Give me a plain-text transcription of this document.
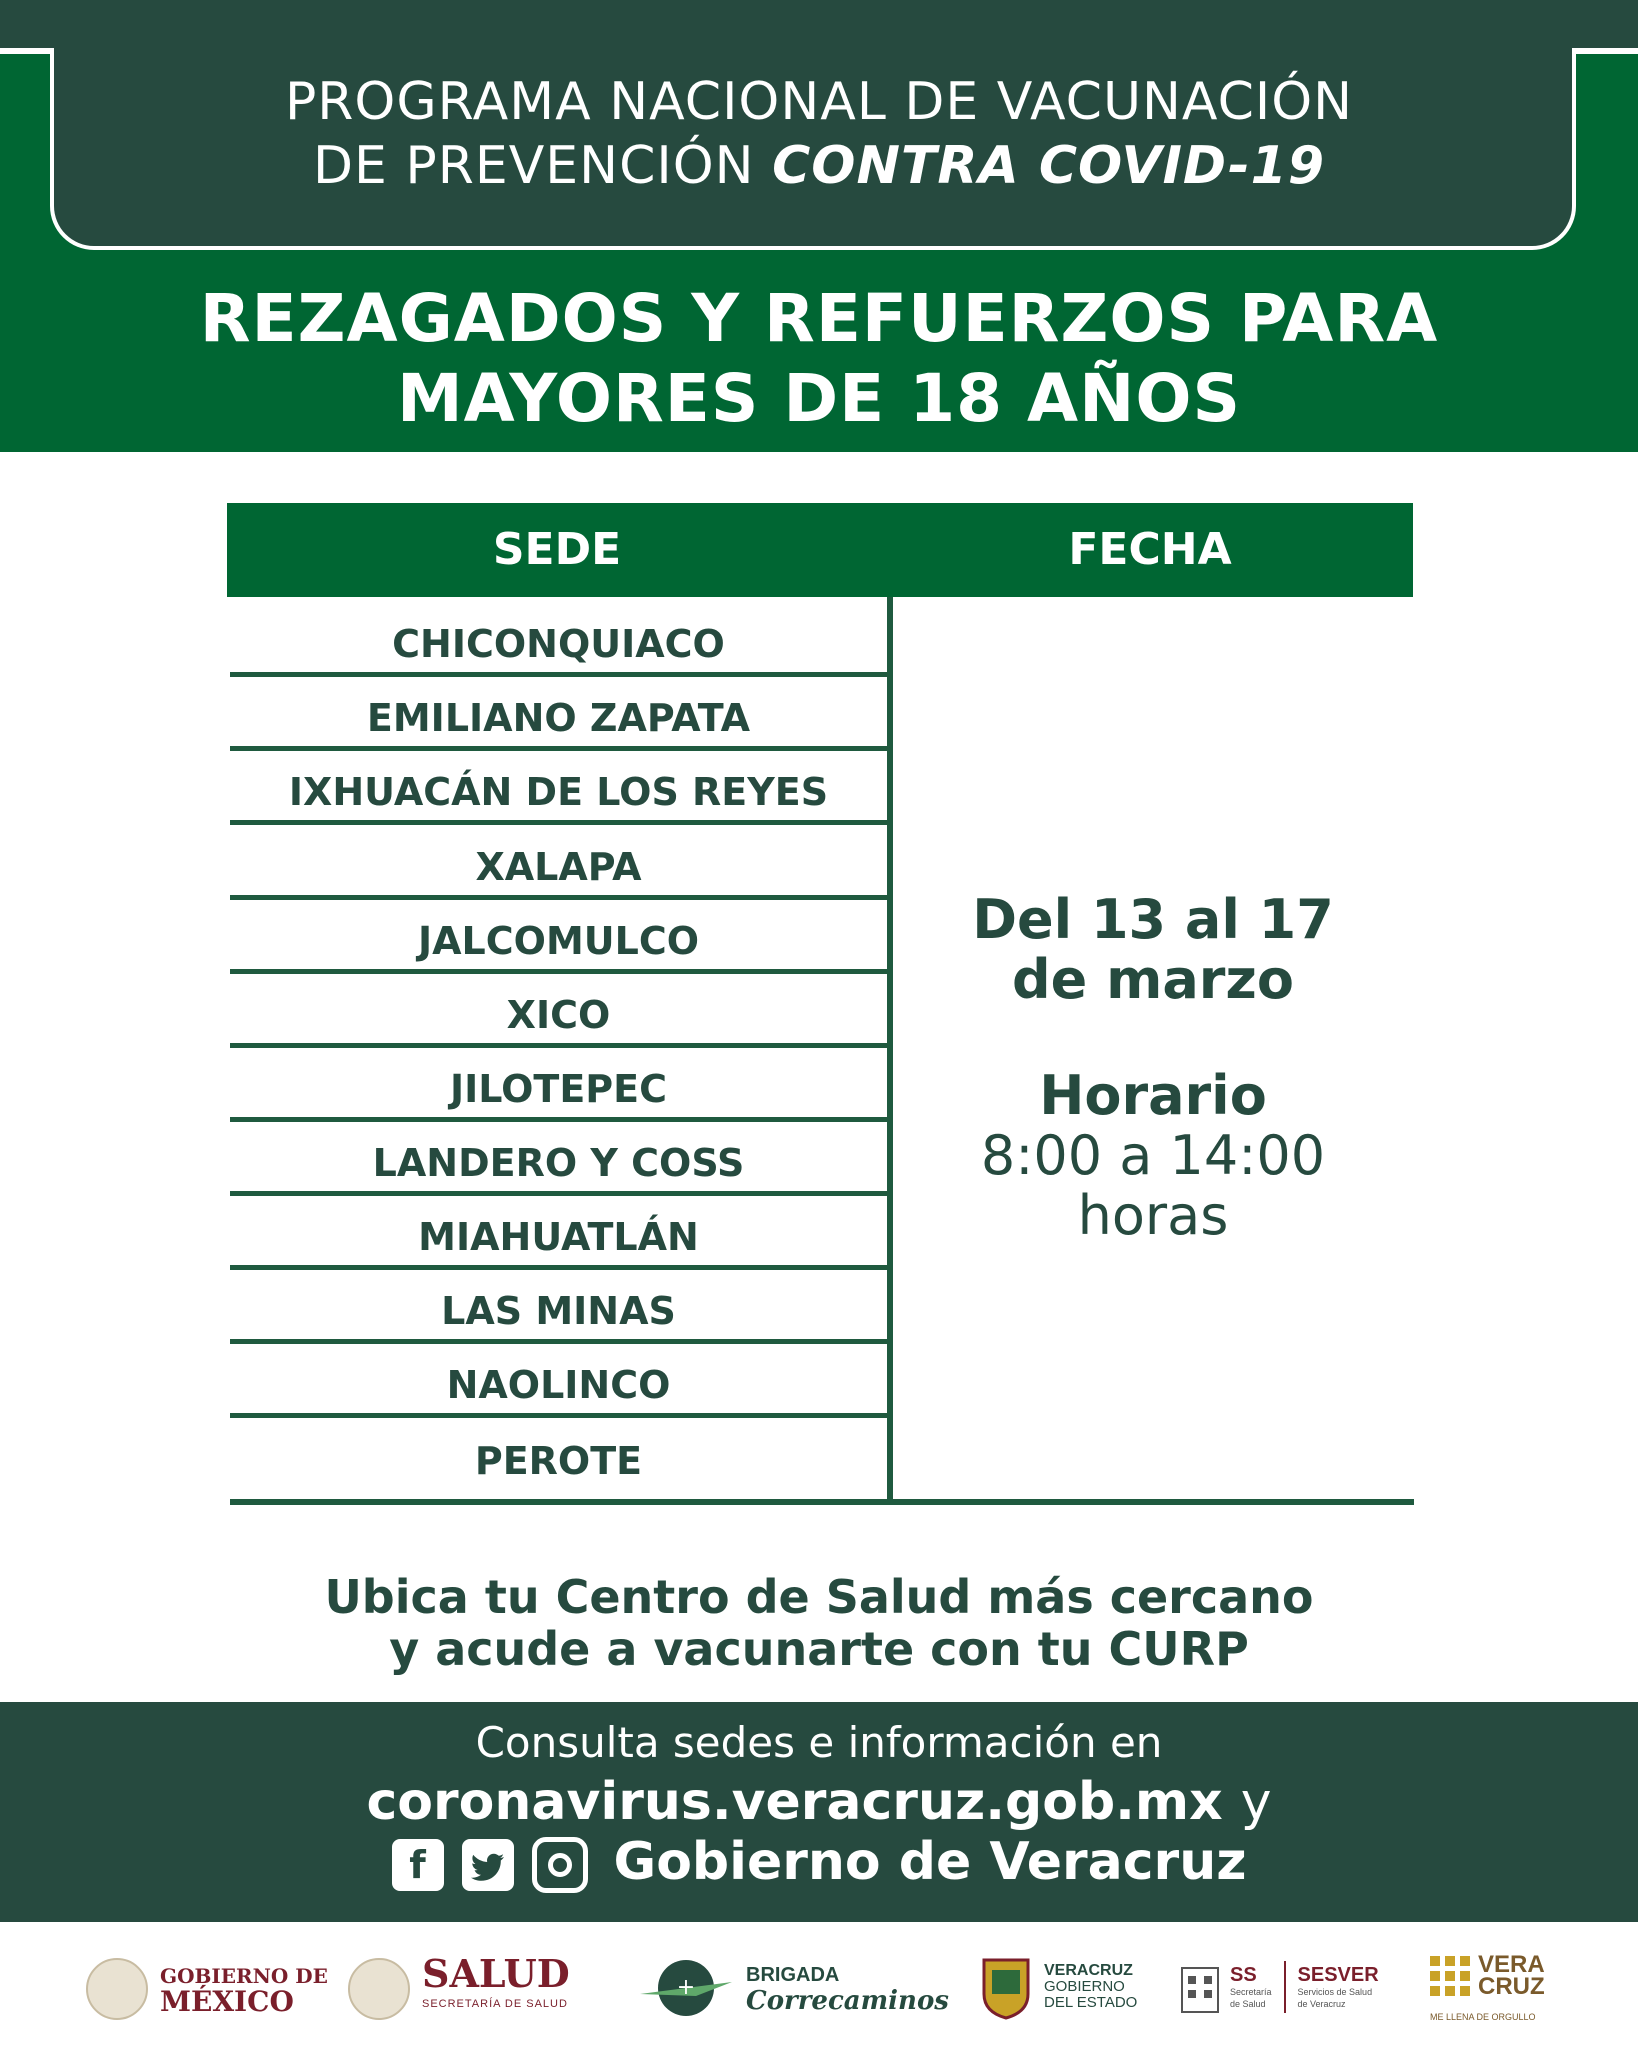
PROGRAMA NACIONAL DE VACUNACIÓN
DE PREVENCIÓN CONTRA COVID-19
REZAGADOS Y REFUERZOS PARA
MAYORES DE 18 AÑOS
SEDE	FECHA
CHICONQUIACO
EMILIANO ZAPATA
IXHUACÁN DE LOS REYES
XALAPA
JALCOMULCO
XICO
JILOTEPEC
LANDERO Y COSS
MIAHUATLÁN
LAS MINAS
NAOLINCO
PEROTE
Del 13 al 17
de marzo
Horario
8:00 a 14:00
horas
Ubica tu Centro de Salud más cercano
y acude a vacunarte con tu CURP
Consulta sedes e información en
coronavirus.veracruz.gob.mx y
f	Gobierno de Veracruz
GOBIERNO DE
MÉXICO
SALUD
SECRETARÍA DE SALUD
+	BRIGADA
Correcaminos
VERACRUZ
GOBIERNO
DEL ESTADO
SS
Secretaría
de Salud
SESVER
Servicios de Salud
de Veracruz
VERA
CRUZ
ME LLENA DE ORGULLO
